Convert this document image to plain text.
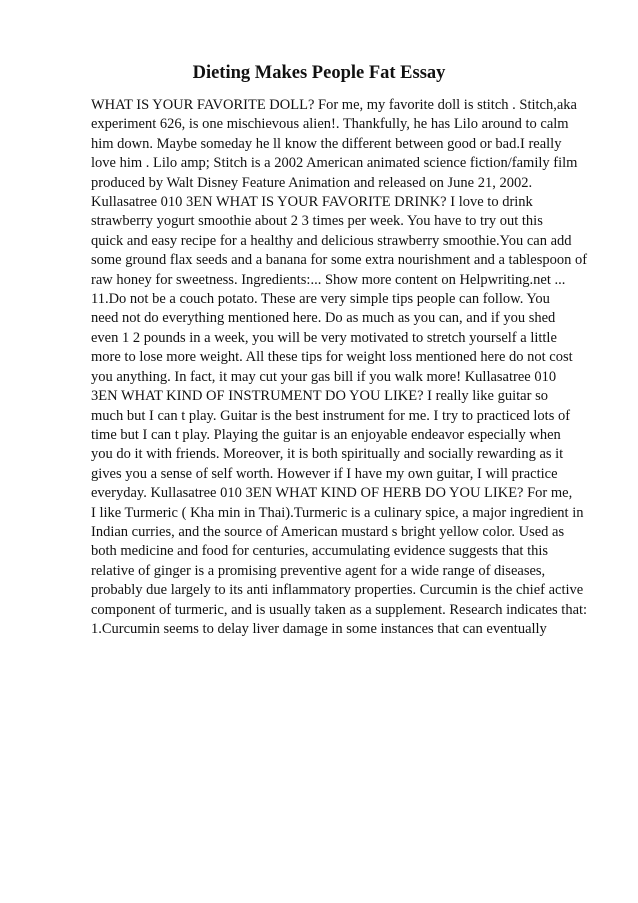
Dieting Makes People Fat Essay
WHAT IS YOUR FAVORITE DOLL? For me, my favorite doll is stitch . Stitch,aka
experiment 626, is one mischievous alien!. Thankfully, he has Lilo around to calm
him down. Maybe someday he ll know the different between good or bad.I really
love him . Lilo amp; Stitch is a 2002 American animated science fiction/family film
produced by Walt Disney Feature Animation and released on June 21, 2002.
Kullasatree 010 3EN WHAT IS YOUR FAVORITE DRINK? I love to drink
strawberry yogurt smoothie about 2 3 times per week. You have to try out this
quick and easy recipe for a healthy and delicious strawberry smoothie.You can add
some ground flax seeds and a banana for some extra nourishment and a tablespoon of
raw honey for sweetness. Ingredients:... Show more content on Helpwriting.net ...
11.Do not be a couch potato. These are very simple tips people can follow. You
need not do everything mentioned here. Do as much as you can, and if you shed
even 1 2 pounds in a week, you will be very motivated to stretch yourself a little
more to lose more weight. All these tips for weight loss mentioned here do not cost
you anything. In fact, it may cut your gas bill if you walk more! Kullasatree 010
3EN WHAT KIND OF INSTRUMENT DO YOU LIKE? I really like guitar so
much but I can t play. Guitar is the best instrument for me. I try to practiced lots of
time but I can t play. Playing the guitar is an enjoyable endeavor especially when
you do it with friends. Moreover, it is both spiritually and socially rewarding as it
gives you a sense of self worth. However if I have my own guitar, I will practice
everyday. Kullasatree 010 3EN WHAT KIND OF HERB DO YOU LIKE? For me,
I like Turmeric ( Kha min in Thai).Turmeric is a culinary spice, a major ingredient in
Indian curries, and the source of American mustard s bright yellow color. Used as
both medicine and food for centuries, accumulating evidence suggests that this
relative of ginger is a promising preventive agent for a wide range of diseases,
probably due largely to its anti inflammatory properties. Curcumin is the chief active
component of turmeric, and is usually taken as a supplement. Research indicates that:
1.Curcumin seems to delay liver damage in some instances that can eventually
